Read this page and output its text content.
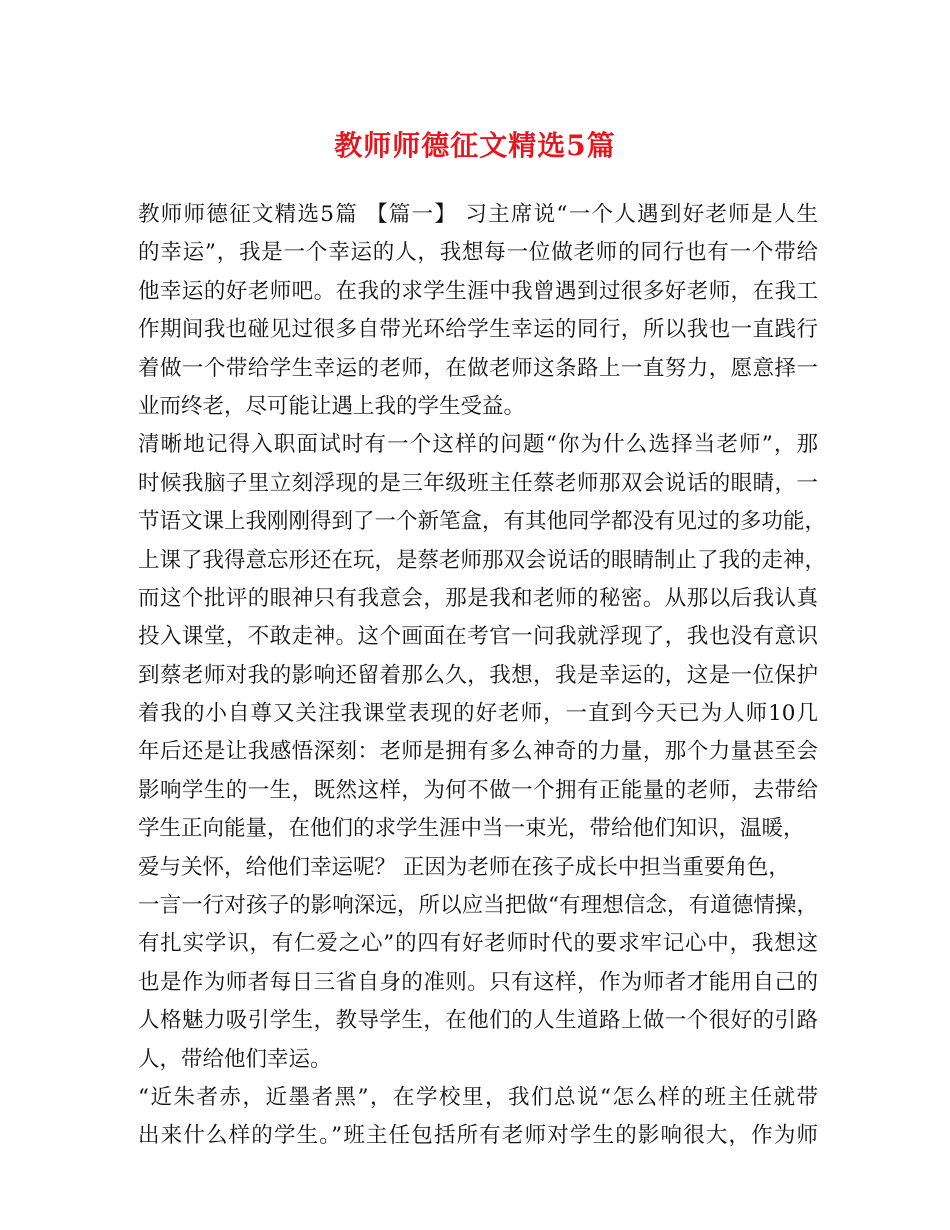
教师师德征文精选5篇
教师师德征文精选5篇 【篇一】 习主席说“一个人遇到好老师是人生
的幸运”，我是一个幸运的人，我想每一位做老师的同行也有一个带给
他幸运的好老师吧。在我的求学生涯中我曾遇到过很多好老师，在我工
作期间我也碰见过很多自带光环给学生幸运的同行，所以我也一直践行
着做一个带给学生幸运的老师，在做老师这条路上一直努力，愿意择一
业而终老，尽可能让遇上我的学生受益。
清晰地记得入职面试时有一个这样的问题“你为什么选择当老师”，那
时候我脑子里立刻浮现的是三年级班主任蔡老师那双会说话的眼睛，一
节语文课上我刚刚得到了一个新笔盒，有其他同学都没有见过的多功能，
上课了我得意忘形还在玩，是蔡老师那双会说话的眼睛制止了我的走神，
而这个批评的眼神只有我意会，那是我和老师的秘密。从那以后我认真
投入课堂，不敢走神。这个画面在考官一问我就浮现了，我也没有意识
到蔡老师对我的影响还留着那么久，我想，我是幸运的，这是一位保护
着我的小自尊又关注我课堂表现的好老师，一直到今天已为人师10几
年后还是让我感悟深刻：老师是拥有多么神奇的力量，那个力量甚至会
影响学生的一生，既然这样，为何不做一个拥有正能量的老师，去带给
学生正向能量，在他们的求学生涯中当一束光，带给他们知识，温暖，
爱与关怀，给他们幸运呢？ 正因为老师在孩子成长中担当重要角色，
一言一行对孩子的影响深远，所以应当把做“有理想信念，有道德情操，
有扎实学识，有仁爱之心”的四有好老师时代的要求牢记心中，我想这
也是作为师者每日三省自身的准则。只有这样，作为师者才能用自己的
人格魅力吸引学生，教导学生，在他们的人生道路上做一个很好的引路
人，带给他们幸运。
“近朱者赤，近墨者黑”，在学校里，我们总说“怎么样的班主任就带
出来什么样的学生。”班主任包括所有老师对学生的影响很大，作为师
